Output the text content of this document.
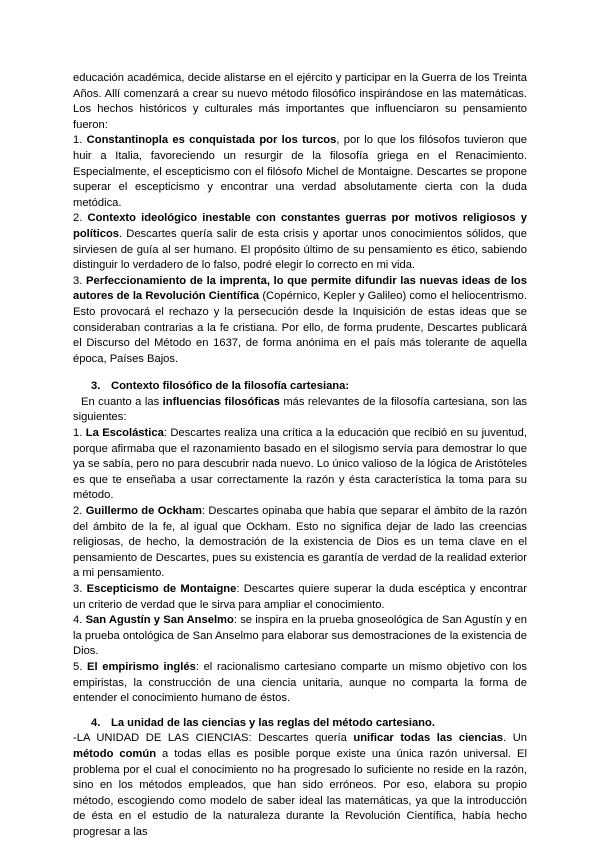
educación académica, decide alistarse en el ejército y participar en la Guerra de los Treinta Años. Allí comenzará a crear su nuevo método filosófico inspirándose en las matemáticas. Los hechos históricos y culturales más importantes que influenciaron su pensamiento fueron:

1. Constantinopla es conquistada por los turcos, por lo que los filósofos tuvieron que huir a Italia, favoreciendo un resurgir de la filosofía griega en el Renacimiento. Especialmente, el escepticismo con el filósofo Michel de Montaigne. Descartes se propone superar el escepticismo y encontrar una verdad absolutamente cierta con la duda metódica.

2. Contexto ideológico inestable con constantes guerras por motivos religiosos y políticos. Descartes quería salir de esta crisis y aportar unos conocimientos sólidos, que sirviesen de guía al ser humano. El propósito último de su pensamiento es ético, sabiendo distinguir lo verdadero de lo falso, podré elegir lo correcto en mi vida.

3. Perfeccionamiento de la imprenta, lo que permite difundir las nuevas ideas de los autores de la Revolución Científica (Copérnico, Kepler y Galileo) como el heliocentrismo. Esto provocará el rechazo y la persecución desde la Inquisición de estas ideas que se consideraban contrarias a la fe cristiana. Por ello, de forma prudente, Descartes publicará el Discurso del Método en 1637, de forma anónima en el país más tolerante de aquella época, Países Bajos.

3. Contexto filosófico de la filosofía cartesiana:

En cuanto a las influencias filosóficas más relevantes de la filosofía cartesiana, son las siguientes:

1. La Escolástica: Descartes realiza una crítica a la educación que recibió en su juventud, porque afirmaba que el razonamiento basado en el silogismo servía para demostrar lo que ya se sabía, pero no para descubrir nada nuevo. Lo único valioso de la lógica de Aristóteles es que te enseñaba a usar correctamente la razón y ésta característica la toma para su método.

2. Guillermo de Ockham: Descartes opinaba que había que separar el ámbito de la razón del ámbito de la fe, al igual que Ockham. Esto no significa dejar de lado las creencias religiosas, de hecho, la demostración de la existencia de Dios es un tema clave en el pensamiento de Descartes, pues su existencia es garantía de verdad de la realidad exterior a mi pensamiento.

3. Escepticismo de Montaigne: Descartes quiere superar la duda escéptica y encontrar un criterio de verdad que le sirva para ampliar el conocimiento.

4. San Agustín y San Anselmo: se inspira en la prueba gnoseológica de San Agustín y en la prueba ontológica de San Anselmo para elaborar sus demostraciones de la existencia de Dios.

5. El empirismo inglés: el racionalismo cartesiano comparte un mismo objetivo con los empiristas, la construcción de una ciencia unitaria, aunque no comparta la forma de entender el conocimiento humano de éstos.

4. La unidad de las ciencias y las reglas del método cartesiano.

-LA UNIDAD DE LAS CIENCIAS: Descartes quería unificar todas las ciencias. Un método común a todas ellas es posible porque existe una única razón universal. El problema por el cual el conocimiento no ha progresado lo suficiente no reside en la razón, sino en los métodos empleados, que han sido erróneos. Por eso, elabora su propio método, escogiendo como modelo de saber ideal las matemáticas, ya que la introducción de ésta en el estudio de la naturaleza durante la Revolución Científica, había hecho progresar a las
